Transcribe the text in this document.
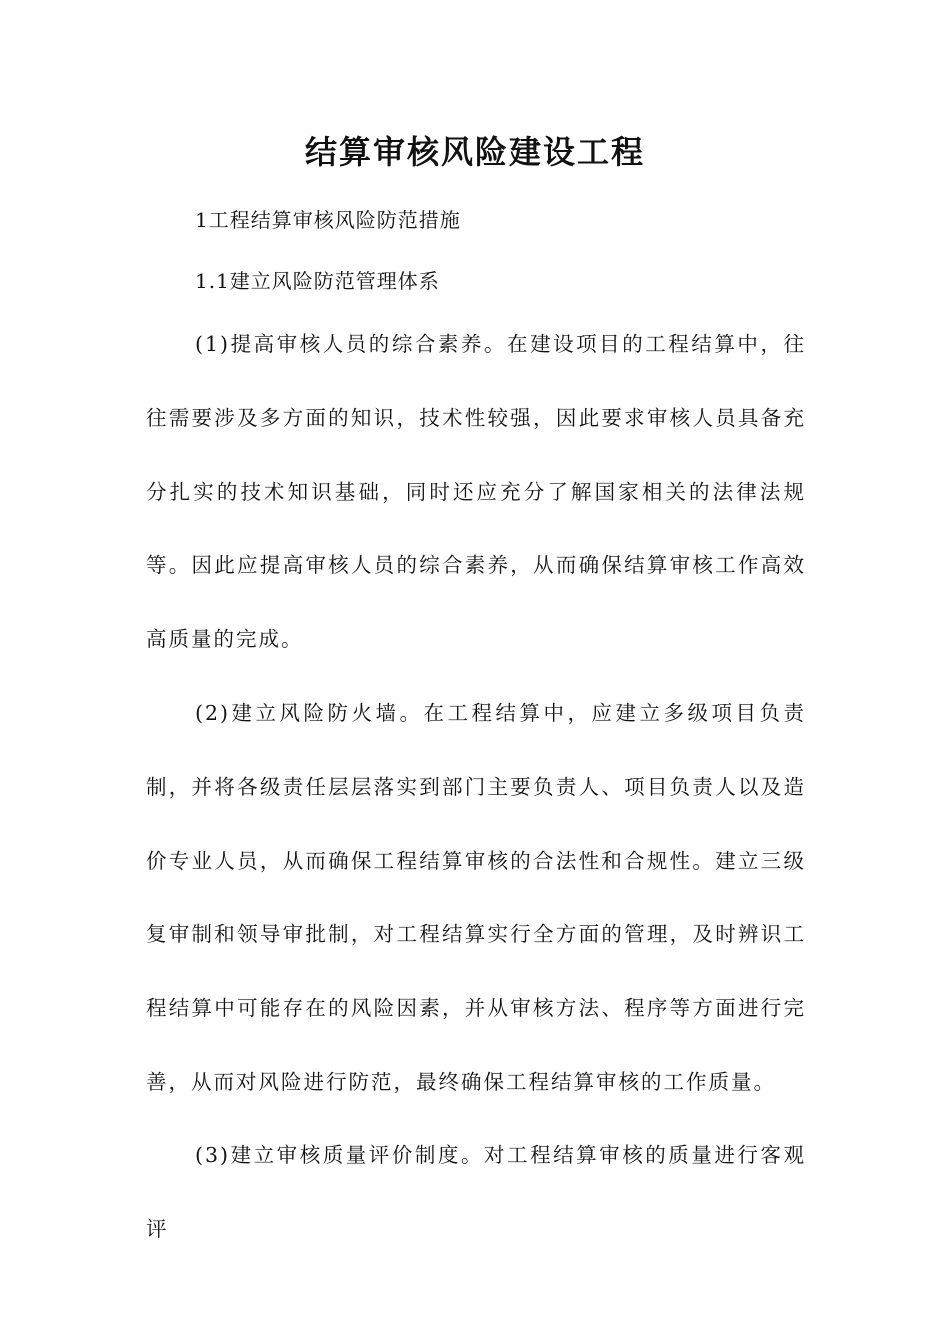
结算审核风险建设工程
1工程结算审核风险防范措施
1.1建立风险防范管理体系

(1)提高审核人员的综合素养。在建设项目的工程结算中，往往需要涉及多方面的知识，技术性较强，因此要求审核人员具备充分扎实的技术知识基础，同时还应充分了解国家相关的法律法规等。因此应提高审核人员的综合素养，从而确保结算审核工作高效高质量的完成。

(2)建立风险防火墙。在工程结算中，应建立多级项目负责制，并将各级责任层层落实到部门主要负责人、项目负责人以及造价专业人员，从而确保工程结算审核的合法性和合规性。建立三级复审制和领导审批制，对工程结算实行全方面的管理，及时辨识工程结算中可能存在的风险因素，并从审核方法、程序等方面进行完善，从而对风险进行防范，最终确保工程结算审核的工作质量。

(3)建立审核质量评价制度。对工程结算审核的质量进行客观评
